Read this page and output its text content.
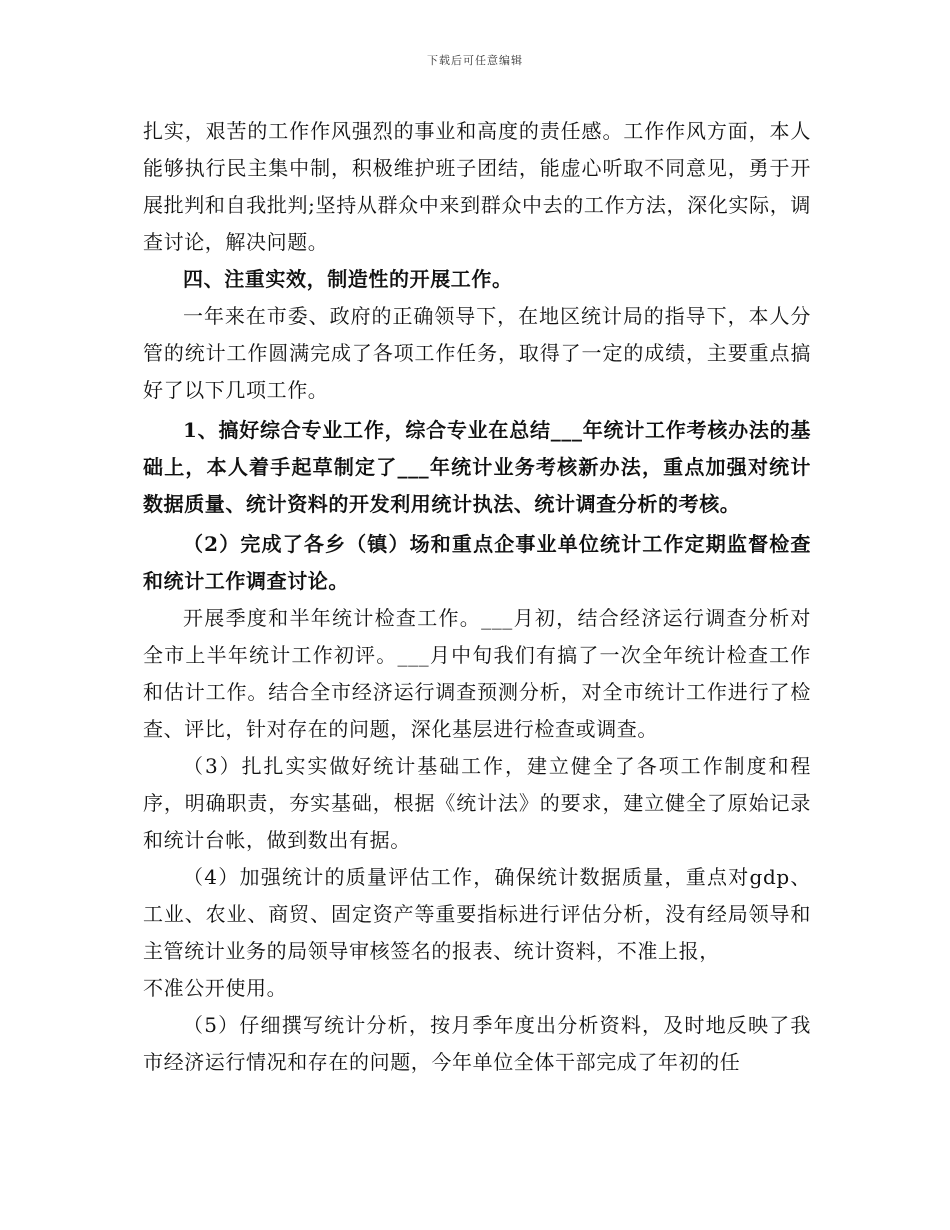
下载后可任意编辑

扎实，艰苦的工作作风强烈的事业和高度的责任感。工作作风方面，本人能够执行民主集中制，积极维护班子团结，能虚心听取不同意见，勇于开展批判和自我批判;坚持从群众中来到群众中去的工作方法，深化实际，调查讨论，解决问题。

四、注重实效，制造性的开展工作。

一年来在市委、政府的正确领导下，在地区统计局的指导下，本人分管的统计工作圆满完成了各项工作任务，取得了一定的成绩，主要重点搞好了以下几项工作。

1、搞好综合专业工作，综合专业在总结___年统计工作考核办法的基础上，本人着手起草制定了___年统计业务考核新办法，重点加强对统计数据质量、统计资料的开发利用统计执法、统计调查分析的考核。

（2）完成了各乡（镇）场和重点企事业单位统计工作定期监督检查和统计工作调查讨论。

开展季度和半年统计检查工作。___月初，结合经济运行调查分析对全市上半年统计工作初评。___月中旬我们有搞了一次全年统计检查工作和估计工作。结合全市经济运行调查预测分析，对全市统计工作进行了检查、评比，针对存在的问题，深化基层进行检查或调查。

（3）扎扎实实做好统计基础工作，建立健全了各项工作制度和程序，明确职责，夯实基础，根据《统计法》的要求，建立健全了原始记录和统计台帐，做到数出有据。

（4）加强统计的质量评估工作，确保统计数据质量，重点对gdp、工业、农业、商贸、固定资产等重要指标进行评估分析，没有经局领导和主管统计业务的局领导审核签名的报表、统计资料，不准上报，

不准公开使用。

（5）仔细撰写统计分析，按月季年度出分析资料，及时地反映了我市经济运行情况和存在的问题，今年单位全体干部完成了年初的任
